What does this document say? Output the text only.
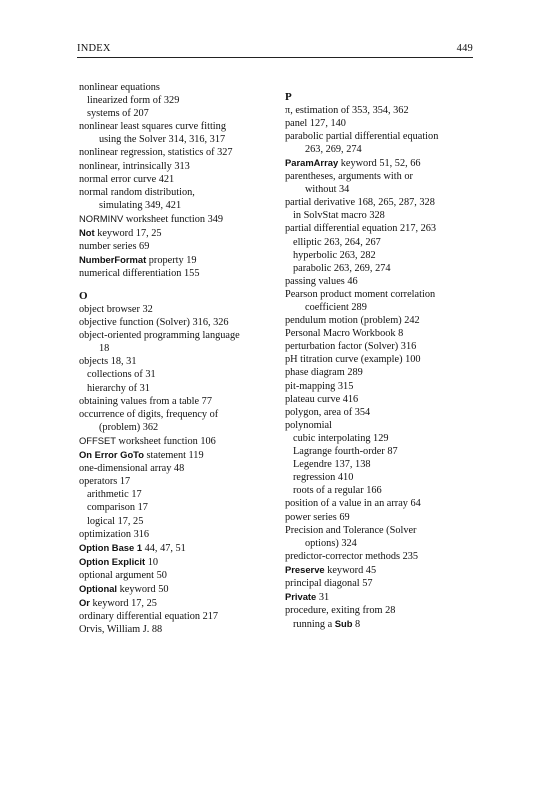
INDEX	449
nonlinear equations
linearized form of 329
systems of 207
nonlinear least squares curve fitting
using the Solver 314, 316, 317
nonlinear regression, statistics of 327
nonlinear, intrinsically 313
normal error curve 421
normal random distribution,
simulating 349, 421
NORMINV worksheet function 349
Not keyword 17, 25
number series 69
NumberFormat property 19
numerical differentiation 155
O
object browser 32
objective function (Solver) 316, 326
object-oriented programming language
18
objects 18, 31
collections of 31
hierarchy of 31
obtaining values from a table 77
occurrence of digits, frequency of
(problem) 362
OFFSET worksheet function 106
On Error GoTo statement 119
one-dimensional array 48
operators 17
arithmetic 17
comparison 17
logical 17, 25
optimization 316
Option Base 1 44, 47, 51
Option Explicit 10
optional argument 50
Optional keyword 50
Or keyword 17, 25
ordinary differential equation 217
Orvis, William J. 88
P
π, estimation of 353, 354, 362
panel 127, 140
parabolic partial differential equation
263, 269, 274
ParamArray keyword 51, 52, 66
parentheses, arguments with or
without 34
partial derivative 168, 265, 287, 328
in SolvStat macro 328
partial differential equation 217, 263
elliptic 263, 264, 267
hyperbolic 263, 282
parabolic 263, 269, 274
passing values 46
Pearson product moment correlation
coefficient 289
pendulum motion (problem) 242
Personal Macro Workbook 8
perturbation factor (Solver) 316
pH titration curve (example) 100
phase diagram 289
pit-mapping 315
plateau curve 416
polygon, area of 354
polynomial
cubic interpolating 129
Lagrange fourth-order 87
Legendre 137, 138
regression 410
roots of a regular 166
position of a value in an array 64
power series 69
Precision and Tolerance (Solver
options) 324
predictor-corrector methods 235
Preserve keyword 45
principal diagonal 57
Private 31
procedure, exiting from 28
running a Sub 8
